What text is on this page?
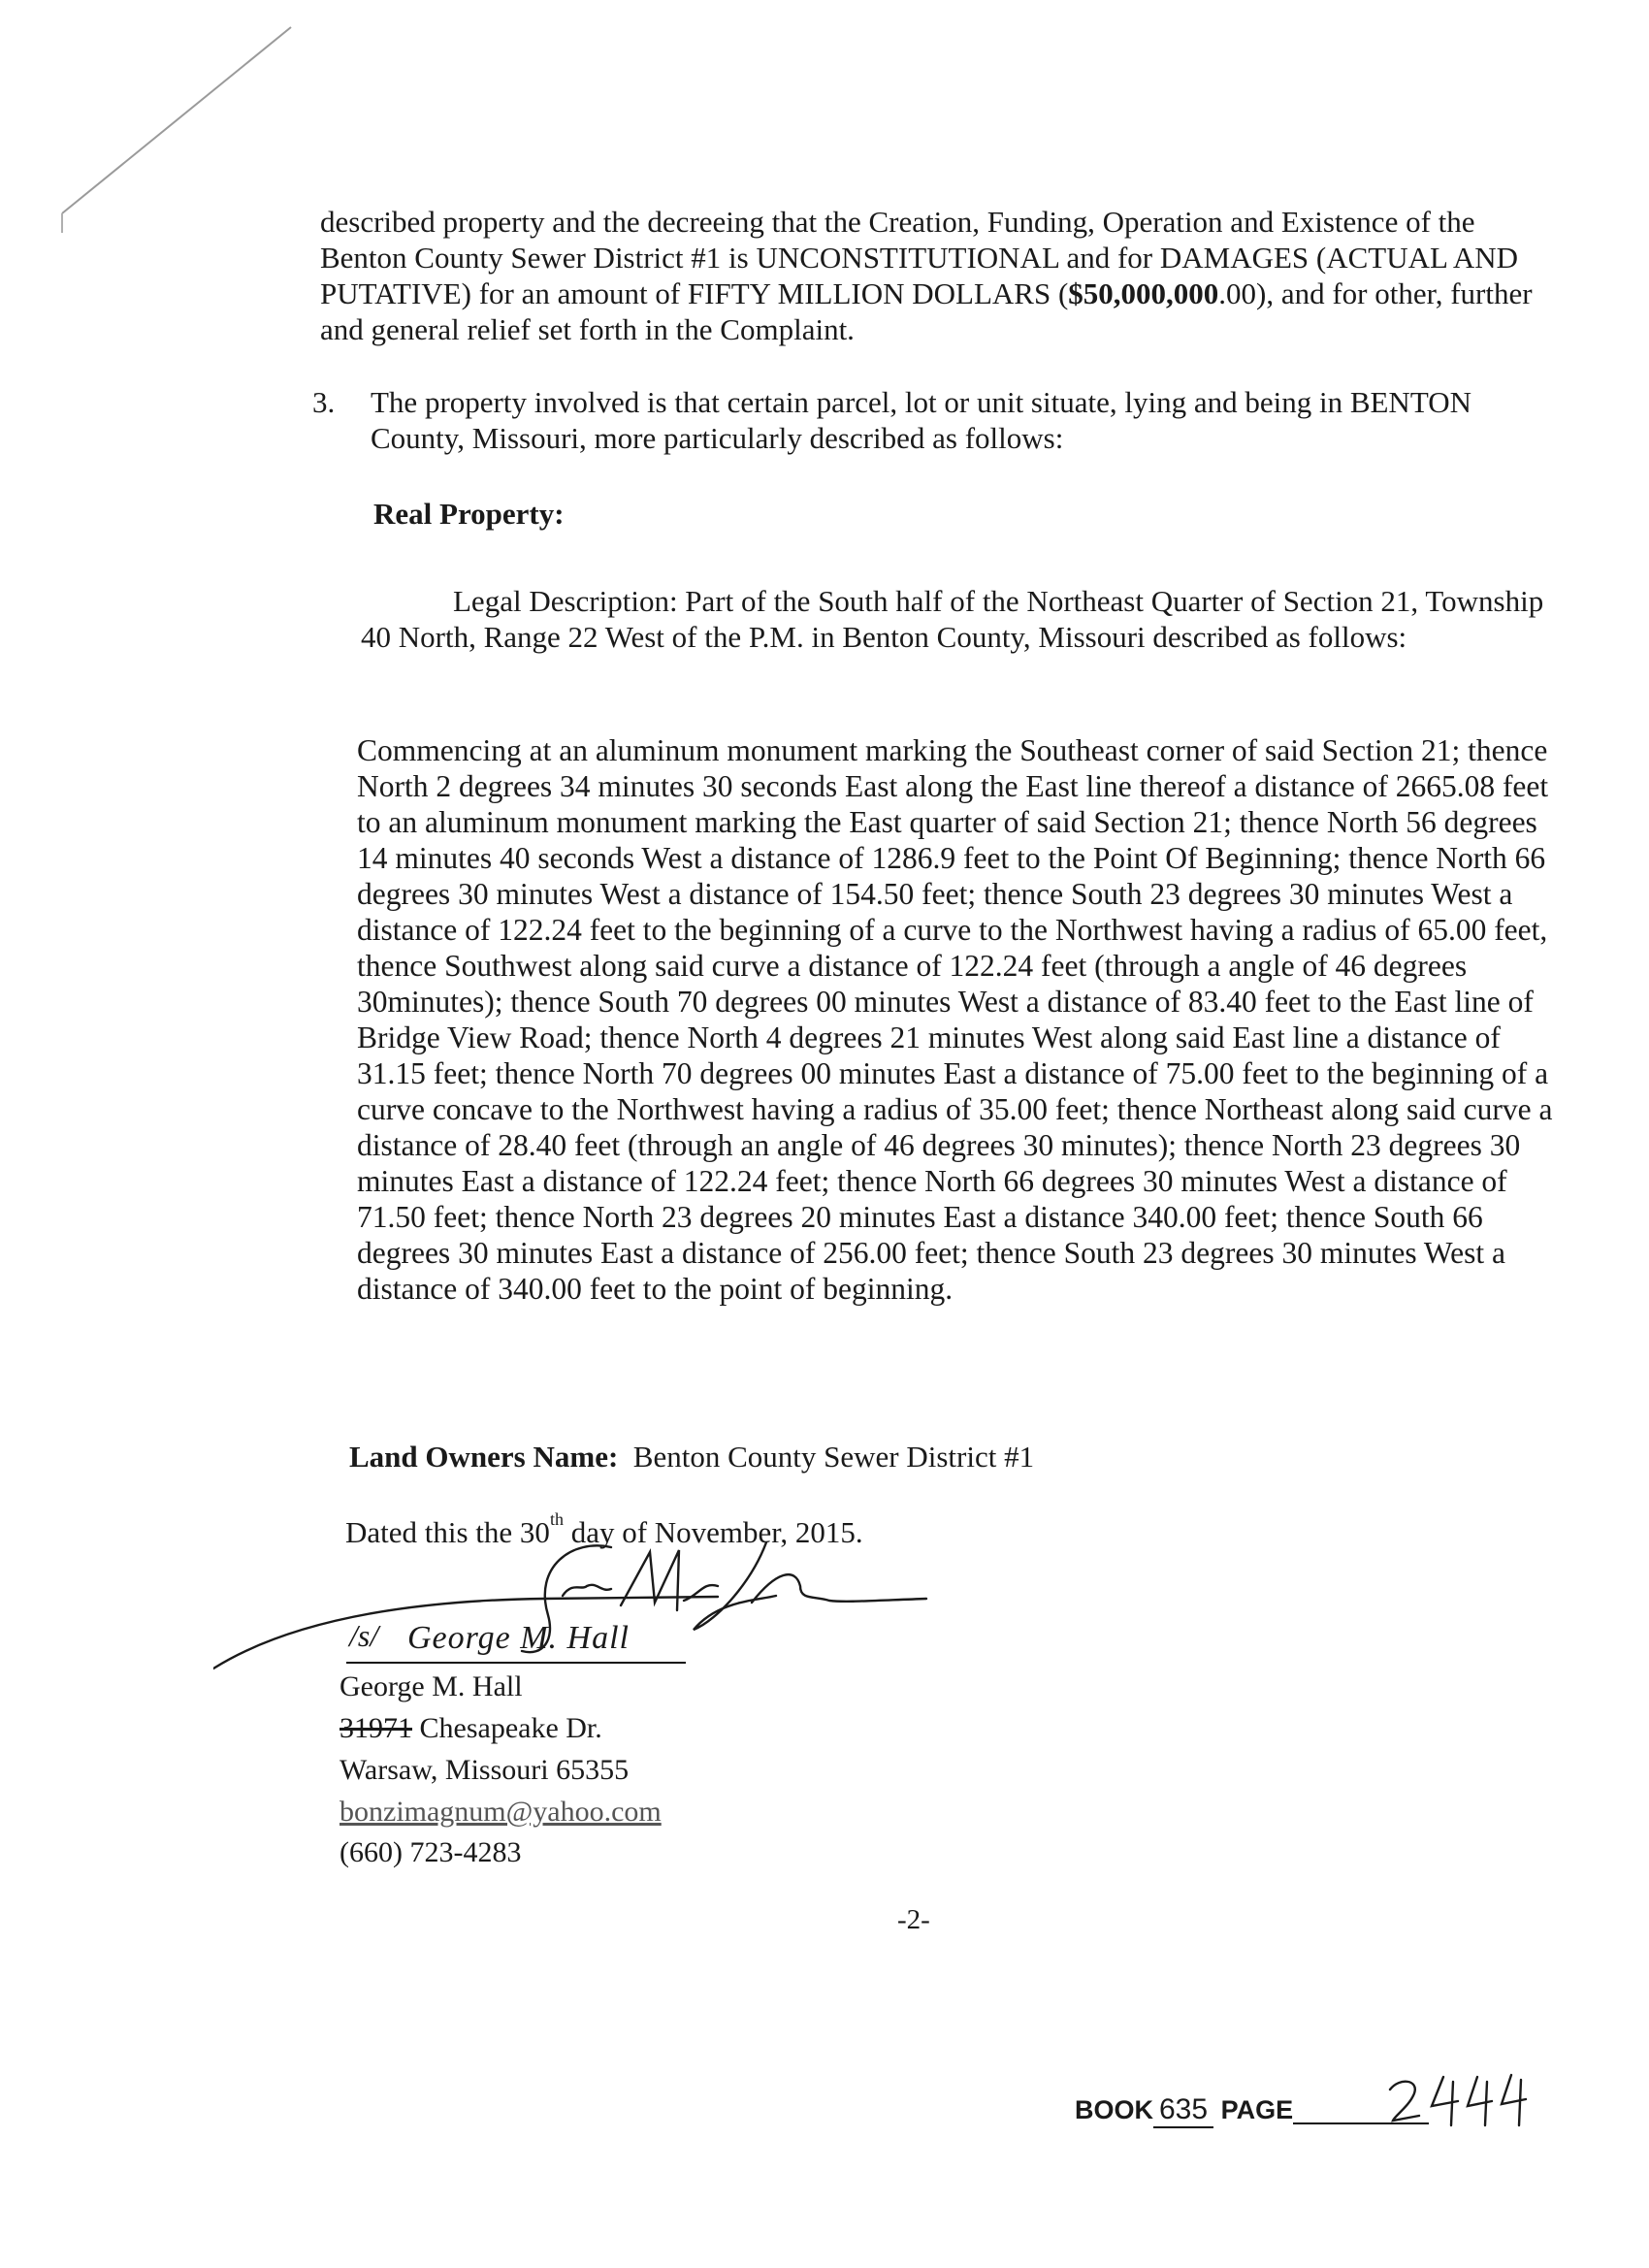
described property and the decreeing that the Creation, Funding, Operation and Existence of the Benton County Sewer District #1 is UNCONSTITUTIONAL and for DAMAGES (ACTUAL AND PUTATIVE) for an amount of FIFTY MILLION DOLLARS ($50,000,000.00), and for other, further and general relief set forth in the Complaint.

3. The property involved is that certain parcel, lot or unit situate, lying and being in BENTON County, Missouri, more particularly described as follows:
Real Property:

Legal Description: Part of the South half of the Northeast Quarter of Section 21, Township 40 North, Range 22 West of the P.M. in Benton County, Missouri described as follows:

Commencing at an aluminum monument marking the Southeast corner of said Section 21; thence North 2 degrees 34 minutes 30 seconds East along the East line thereof a distance of 2665.08 feet to an aluminum monument marking the East quarter of said Section 21; thence North 56 degrees 14 minutes 40 seconds West a distance of 1286.9 feet to the Point Of Beginning; thence North 66 degrees 30 minutes West a distance of 154.50 feet; thence South 23 degrees 30 minutes West a distance of 122.24 feet to the beginning of a curve to the Northwest having a radius of 65.00 feet, thence Southwest along said curve a distance of 122.24 feet (through a angle of 46 degrees 30minutes); thence South 70 degrees 00 minutes West a distance of 83.40 feet to the East line of Bridge View Road; thence North 4 degrees 21 minutes West along said East line a distance of 31.15 feet; thence North 70 degrees 00 minutes East a distance of 75.00 feet to the beginning of a curve concave to the Northwest having a radius of 35.00 feet; thence Northeast along said curve a distance of 28.40 feet (through an angle of 46 degrees 30 minutes); thence North 23 degrees 30 minutes East a distance of 122.24 feet; thence North 66 degrees 30 minutes West a distance of 71.50 feet; thence North 23 degrees 20 minutes East a distance 340.00 feet; thence South 66 degrees 30 minutes East a distance of 256.00 feet; thence South 23 degrees 30 minutes West a distance of 340.00 feet to the point of beginning.

Land Owners Name: Benton County Sewer District #1
Dated this the 30th day of November, 2015.
/s/ George M. Hall
George M. Hall
31971 Chesapeake Dr.
Warsaw, Missouri 65355
bonzimagnum@yahoo.com
(660) 723-4283
-2-
BOOK 635 PAGE
